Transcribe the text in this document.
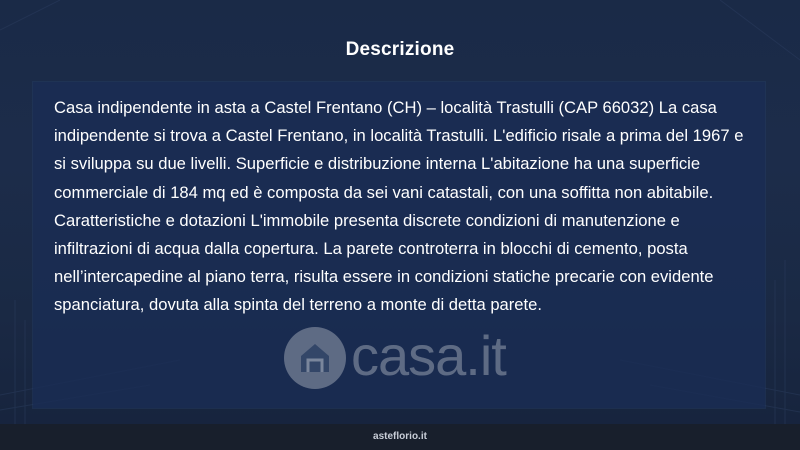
Descrizione

Casa indipendente in asta a Castel Frentano (CH) – località Trastulli (CAP 66032) La casa indipendente si trova a Castel Frentano, in località Trastulli. L'edificio risale a prima del 1967 e si sviluppa su due livelli. Superficie e distribuzione interna L'abitazione ha una superficie commerciale di 184 mq ed è composta da sei vani catastali, con una soffitta non abitabile. Caratteristiche e dotazioni L'immobile presenta discrete condizioni di manutenzione e infiltrazioni di acqua dalla copertura. La parete controterra in blocchi di cemento, posta nell’intercapedine al piano terra, risulta essere in condizioni statiche precarie con evidente spanciatura, dovuta alla spinta del terreno a monte di detta parete.

casa.it
asteflorio.it
